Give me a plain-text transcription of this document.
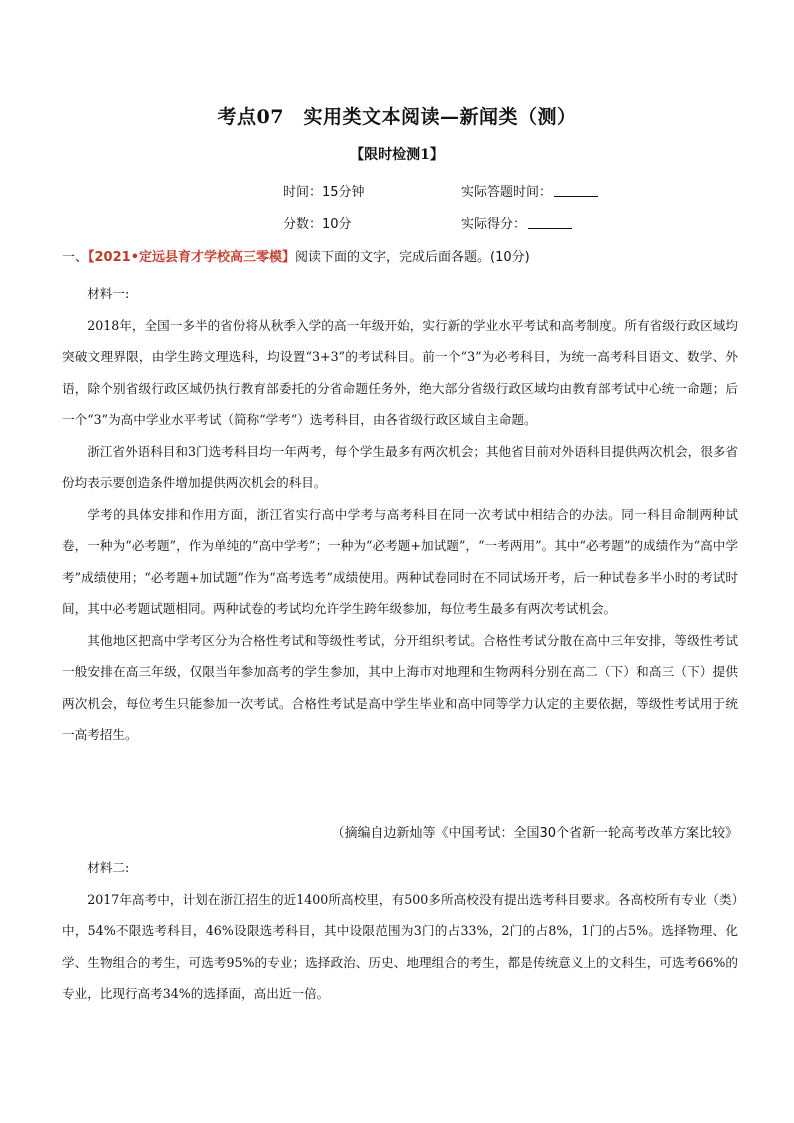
考点07　实用类文本阅读—新闻类（测）
【限时检测1】
时间：15分钟	实际答题时间：
分数：10分	实际得分：
一、【2021•定远县育才学校高三零模】阅读下面的文字，完成后面各题。(10分)

材料一:

2018年，全国一多半的省份将从秋季入学的高一年级开始，实行新的学业水平考试和高考制度。所有省级行政区域均突破文理界限，由学生跨文理选科，均设置“3+3”的考试科目。前一个“3”为必考科目，为统一高考科目语文、数学、外语，除个别省级行政区域仍执行教育部委托的分省命题任务外，绝大部分省级行政区域均由教育部考试中心统一命题；后一个“3”为高中学业水平考试（简称“学考”）选考科目，由各省级行政区域自主命题。

浙江省外语科目和3门选考科目均一年两考，每个学生最多有两次机会；其他省目前对外语科目提供两次机会，很多省份均表示要创造条件增加提供两次机会的科目。

学考的具体安排和作用方面，浙江省实行高中学考与高考科目在同一次考试中相结合的办法。同一科目命制两种试卷，一种为“必考题”，作为单纯的“高中学考”；一种为“必考题+加试题”，“一考两用”。其中“必考题”的成绩作为“高中学考”成绩使用；“必考题+加试题”作为“高考选考”成绩使用。两种试卷同时在不同试场开考，后一种试卷多半小时的考试时间，其中必考题试题相同。两种试卷的考试均允许学生跨年级参加，每位考生最多有两次考试机会。

其他地区把高中学考区分为合格性考试和等级性考试，分开组织考试。合格性考试分散在高中三年安排，等级性考试一般安排在高三年级，仅限当年参加高考的学生参加，其中上海市对地理和生物两科分别在高二（下）和高三（下）提供两次机会，每位考生只能参加一次考试。合格性考试是高中学生毕业和高中同等学力认定的主要依据，等级性考试用于统一高考招生。

（摘编自边新灿等《中国考试：全国30个省新一轮高考改革方案比较》

材料二:

2017年高考中，计划在浙江招生的近1400所高校里，有500多所高校没有提出选考科目要求。各高校所有专业（类）中，54%不限选考科目，46%设限选考科目，其中设限范围为3门的占33%，2门的占8%，1门的占5%。选择物理、化学、生物组合的考生，可选考95%的专业；选择政治、历史、地理组合的考生，都是传统意义上的文科生，可选考66%的专业，比现行高考34%的选择面，高出近一倍。
